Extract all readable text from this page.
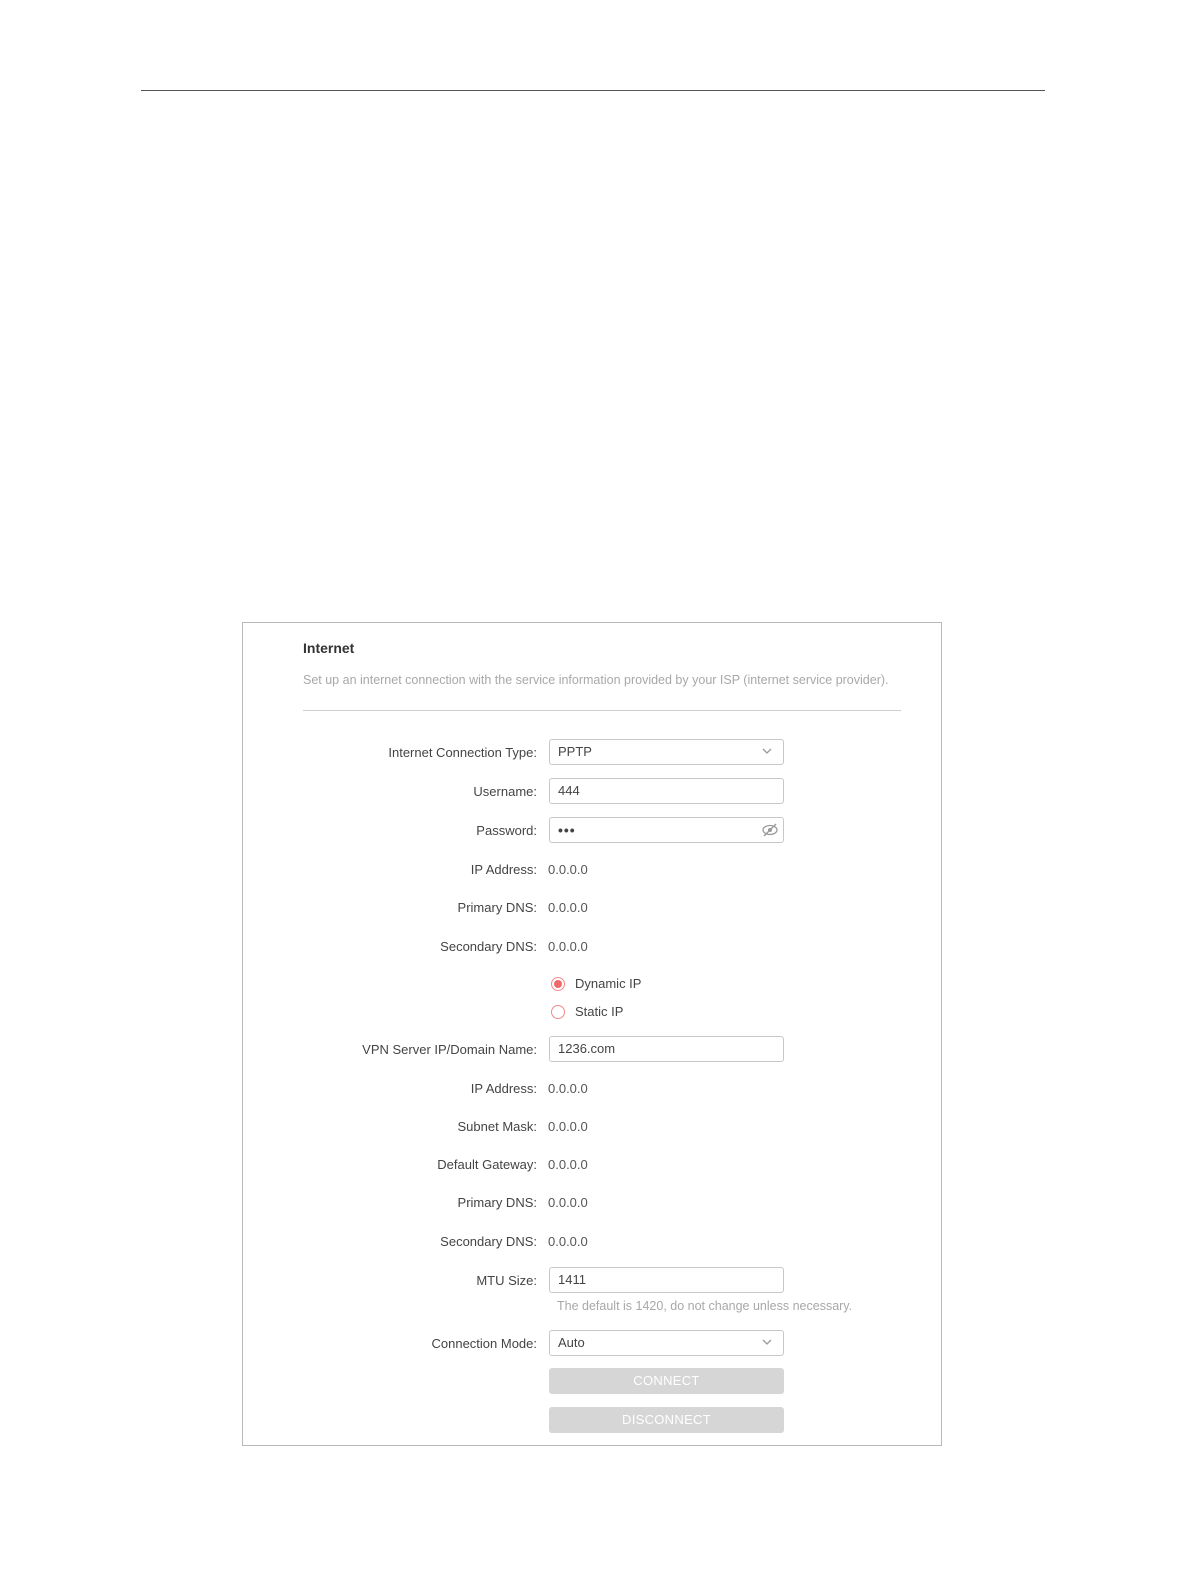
Internet
Set up an internet connection with the service information provided by your ISP (internet service provider).
Internet Connection Type: PPTP
Username: 444
Password: •••
IP Address: 0.0.0.0
Primary DNS: 0.0.0.0
Secondary DNS: 0.0.0.0
Dynamic IP
Static IP
VPN Server IP/Domain Name: 1236.com
IP Address: 0.0.0.0
Subnet Mask: 0.0.0.0
Default Gateway: 0.0.0.0
Primary DNS: 0.0.0.0
Secondary DNS: 0.0.0.0
MTU Size: 1411
The default is 1420, do not change unless necessary.
Connection Mode: Auto
CONNECT
DISCONNECT
